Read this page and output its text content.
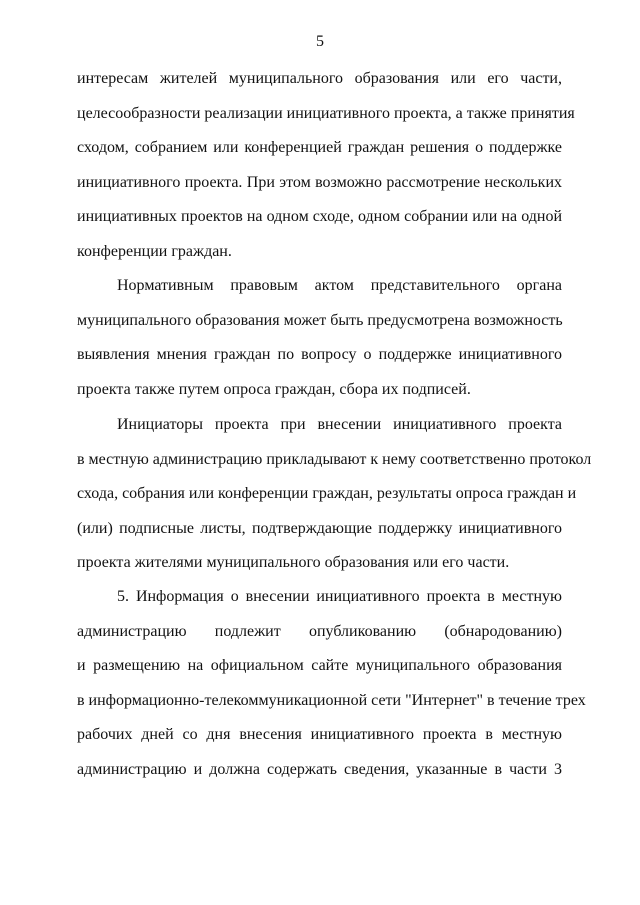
5
интересам жителей муниципального образования или его части,
целесообразности реализации инициативного проекта, а также принятия
сходом, собранием или конференцией граждан решения о поддержке
инициативного проекта. При этом возможно рассмотрение нескольких
инициативных проектов на одном сходе, одном собрании или на одной
конференции граждан.
Нормативным правовым актом представительного органа
муниципального образования может быть предусмотрена возможность
выявления мнения граждан по вопросу о поддержке инициативного
проекта также путем опроса граждан, сбора их подписей.
Инициаторы проекта при внесении инициативного проекта
в местную администрацию прикладывают к нему соответственно протокол
схода, собрания или конференции граждан, результаты опроса граждан и
(или) подписные листы, подтверждающие поддержку инициативного
проекта жителями муниципального образования или его части.
5. Информация о внесении инициативного проекта в местную
администрацию подлежит опубликованию (обнародованию)
и размещению на официальном сайте муниципального образования
в информационно-телекоммуникационной сети "Интернет" в течение трех
рабочих дней со дня внесения инициативного проекта в местную
администрацию и должна содержать сведения, указанные в части 3
